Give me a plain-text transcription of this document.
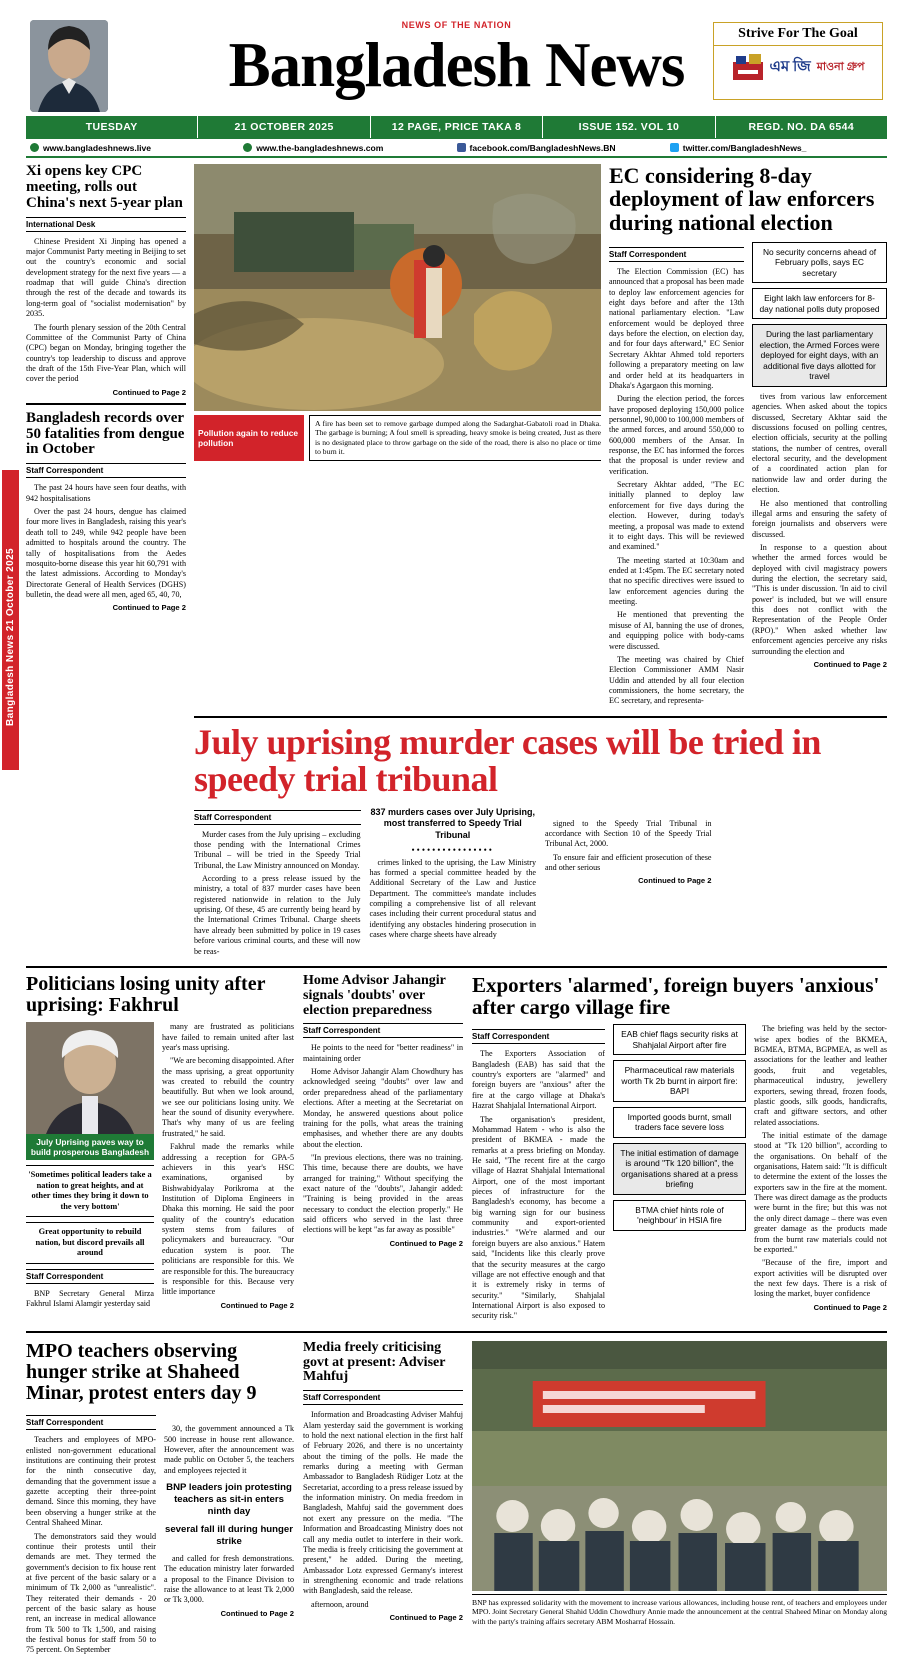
Bangladesh News 21 October 2025
NEWS OF THE NATION
Bangladesh News	Strive For The Goal
এম জি মাওনা গ্রুপ
TUESDAY	21 OCTOBER 2025	12 PAGE, PRICE TAKA 8	ISSUE 152. VOL 10	REGD. NO. DA 6544
www.bangladeshnews.live	www.the-bangladeshnews.com	facebook.com/BangladeshNews.BN	twitter.com/BangladeshNews_
Xi opens key CPC meeting, rolls out China's next 5-year plan
International Desk

Chinese President Xi Jinping has opened a major Communist Party meeting in Beijing to set out the country's economic and social development strategy for the next five years — a roadmap that will guide China's direction through the rest of the decade and towards its long-term goal of "socialist modernisation" by 2035.

The fourth plenary session of the 20th Central Committee of the Communist Party of China (CPC) began on Monday, bringing together the country's top leadership to discuss and approve the draft of the 15th Five-Year Plan, which will cover the period

Continued to Page 2
Bangladesh records over 50 fatalities from dengue in October
Staff Correspondent

The past 24 hours have seen four deaths, with 942 hospitalisations

Over the past 24 hours, dengue has claimed four more lives in Bangladesh, raising this year's death toll to 249, while 942 people have been admitted to hospitals around the country. The tally of hospitalisations from the Aedes mosquito-borne disease this year hit 60,791 with the latest admissions. According to Monday's Directorate General of Health Services (DGHS) bulletin, the dead were all men, aged 65, 40, 70,

Continued to Page 2
Pollution again to reduce pollution
A fire has been set to remove garbage dumped along the Sadarghat-Gabatoli road in Dhaka. The garbage is burning; A foul smell is spreading, heavy smoke is being created, Just as there is no designated place to throw garbage on the side of the road, there is also no place or time to burn it.
EC considering 8-day deployment of law enforcers during national election
Staff Correspondent

The Election Commission (EC) has announced that a proposal has been made to deploy law enforcement agencies for eight days before and after the 13th national parliamentary election. "Law enforcement would be deployed three days before the election, on election day, and for four days afterward," EC Senior Secretary Akhtar Ahmed told reporters following a preparatory meeting on law and order held at its headquarters in Dhaka's Agargaon this morning.

During the election period, the forces have proposed deploying 150,000 police personnel, 90,000 to 100,000 members of the armed forces, and around 550,000 to 600,000 members of the Ansar. In response, the EC has informed the forces that the proposal is under review and verification.

Secretary Akhtar added, "The EC initially planned to deploy law enforcement for five days during the election. However, during today's meeting, a proposal was made to extend it to eight days. This will be reviewed and examined."

The meeting started at 10:30am and ended at 1:45pm. The EC secretary noted that no specific directives were issued to law enforcement agencies during the meeting.

He mentioned that preventing the misuse of AI, banning the use of drones, and equipping police with body-cams were discussed.

The meeting was chaired by Chief Election Commissioner AMM Nasir Uddin and attended by all four election commissioners, the home secretary, the EC secretary, and representa-

No security concerns ahead of February polls, says EC secretary
Eight lakh law enforcers for 8-day national polls duty proposed
During the last parliamentary election, the Armed Forces were deployed for eight days, with an additional five days allotted for travel

tives from various law enforcement agencies. When asked about the topics discussed, Secretary Akhtar said the discussions focused on polling centres, election officials, security at the polling stations, the number of centres, overall electoral security, and the development of a coordinated action plan for nationwide law and order during the election.

He also mentioned that controlling illegal arms and ensuring the safety of foreign journalists and observers were discussed.

In response to a question about whether the armed forces would be deployed with civil magistracy powers during the election, the secretary said, "This is under discussion. 'In aid to civil power' is included, but we will ensure this does not conflict with the Representation of the People Order (RPO)." When asked whether law enforcement agencies perceive any risks surrounding the election and

Continued to Page 2
July uprising murder cases will be tried in speedy trial tribunal
Staff Correspondent

Murder cases from the July uprising – excluding those pending with the International Crimes Tribunal – will be tried in the Speedy Trial Tribunal, the Law Ministry announced on Monday.

According to a press release issued by the ministry, a total of 837 murder cases have been registered nationwide in relation to the July uprising. Of these, 45 are currently being heard by the International Crimes Tribunal. Charge sheets have already been submitted by police in 19 cases before various criminal courts, and these will now be reas-

837 murders cases over July Uprising, most transferred to Speedy Trial Tribunal
••••••••••••••••

crimes linked to the uprising, the Law Ministry has formed a special committee headed by the Additional Secretary of the Law and Justice Department. The committee's mandate includes compiling a comprehensive list of all relevant cases including their current procedural status and identifying any obstacles hindering prosecution in cases where charge sheets have already

signed to the Speedy Trial Tribunal in accordance with Section 10 of the Speedy Trial Tribunal Act, 2000.

To ensure fair and efficient prosecution of these and other serious

Continued to Page 2
Politicians losing unity after uprising: Fakhrul
July Uprising paves way to build prosperous Bangladesh
'Sometimes political leaders take a nation to great heights, and at other times they bring it down to the very bottom'
Great opportunity to rebuild nation, but discord prevails all around
Staff Correspondent

BNP Secretary General Mirza Fakhrul Islami Alamgir yesterday said

many are frustrated as politicians have failed to remain united after last year's mass uprising.

"We are becoming disappointed. After the mass uprising, a great opportunity was created to rebuild the country beautifully. But when we look around, we see our politicians losing unity. We hear the sound of disunity everywhere. That's why many of us are feeling frustrated," he said.

Fakhrul made the remarks while addressing a reception for GPA-5 achievers in this year's HSC examinations, organised by Bishwabidyalay Porikroma at the Institution of Diploma Engineers in Dhaka this morning. He said the poor quality of the country's education system stems from failures of policymakers and bureaucracy. "Our education system is poor. The politicians are responsible for this. We are responsible for this. The bureaucracy is responsible for this. Because very little importance

Continued to Page 2
Home Advisor Jahangir signals 'doubts' over election preparedness
Staff Correspondent

He points to the need for "better readiness" in maintaining order

Home Advisor Jahangir Alam Chowdhury has acknowledged seeing "doubts" over law and order preparedness ahead of the parliamentary elections. After a meeting at the Secretariat on Monday, he answered questions about police training for the polls, what areas the training emphasises, and whether there are any doubts about the election.

"In previous elections, there was no training. This time, because there are doubts, we have arranged for training," Without specifying the exact nature of the "doubts", Jahangir added: "Training is being provided in the areas necessary to conduct the election properly." He said officers who served in the last three elections will be kept "as far away as possible"

Continued to Page 2
Exporters 'alarmed', foreign buyers 'anxious' after cargo village fire
Staff Correspondent

The Exporters Association of Bangladesh (EAB) has said that the country's exporters are "alarmed" and foreign buyers are "anxious" after the fire at the cargo village at Dhaka's Hazrat Shahjalal International Airport.

The organisation's president, Mohammad Hatem - who is also the president of BKMEA - made the remarks at a press briefing on Monday. He said, "The recent fire at the cargo village of Hazrat Shahjalal International Airport, one of the most important pieces of infrastructure for the Bangladesh's economy, has become a big warning sign for our business community and export-oriented industries." "We're alarmed and our foreign buyers are also anxious." Hatem said, "Incidents like this clearly prove that the security measures at the cargo village are not effective enough and that it is extremely risky in terms of security." "Similarly, Shahjalal International Airport is also exposed to security risk."

EAB chief flags security risks at Shahjalal Airport after fire
Pharmaceutical raw materials worth Tk 2b burnt in airport fire: BAPI
Imported goods burnt, small traders face severe loss
The initial estimation of damage is around "Tk 120 billion", the organisations shared at a press briefing
BTMA chief hints role of 'neighbour' in HSIA fire

The briefing was held by the sector-wise apex bodies of the BKMEA, BGMEA, BTMA, BGPMEA, as well as associations for the leather and leather goods, fruit and vegetables, pharmaceutical industry, jewellery exporters, sewing thread, frozen foods, plastic goods, silk goods, handicrafts, craft and giftware sectors, and other related associations.

The initial estimate of the damage stood at "Tk 120 billion", according to the organisations. On behalf of the organisations, Hatem said: "It is difficult to determine the extent of the losses the exporters saw in the fire at the moment. There was direct damage as the products were burnt in the fire; but this was not the only direct damage – there was even greater damage as the products made from the burnt raw materials could not be exported."

"Because of the fire, import and export activities will be disrupted over the next few days. There is a risk of losing the market, buyer confidence

Continued to Page 2
MPO teachers observing hunger strike at Shaheed Minar, protest enters day 9
Staff Correspondent

Teachers and employees of MPO-enlisted non-government educational institutions are continuing their protest for the ninth consecutive day, demanding that the government issue a gazette accepting their three-point demand. Since this morning, they have been observing a hunger strike at the Central Shaheed Minar.

The demonstrators said they would continue their protests until their demands are met. They termed the government's decision to fix house rent at five percent of the basic salary or a minimum of Tk 2,000 as "unrealistic". They reiterated their demands - 20 percent of the basic salary as house rent, an increase in medical allowance from Tk 500 to Tk 1,500, and raising the festival bonus for staff from 50 to 75 percent. On September

30, the government announced a Tk 500 increase in house rent allowance. However, after the announcement was made public on October 5, the teachers and employees rejected it

BNP leaders join protesting teachers as sit-in enters ninth day
several fall ill during hunger strike

and called for fresh demonstrations. The education ministry later forwarded a proposal to the Finance Division to raise the allowance to at least Tk 2,000 or Tk 3,000.

Continued to Page 2
Media freely criticising govt at present: Adviser Mahfuj
Staff Correspondent

Information and Broadcasting Adviser Mahfuj Alam yesterday said the government is working to hold the next national election in the first half of February 2026, and there is no uncertainty about the timing of the polls. He made the remarks during a meeting with German Ambassador to Bangladesh Rüdiger Lotz at the Secretariat, according to a press release issued by the information ministry. On media freedom in Bangladesh, Mahfuj said the government does not exert any pressure on the media. "The Information and Broadcasting Ministry does not call any media outlet to interfere in their work. The media is freely criticising the government at present," he added. During the meeting, Ambassador Lotz expressed Germany's interest in strengthening economic and trade relations with Bangladesh, said the release.

afternoon, around

Continued to Page 2
BNP has expressed solidarity with the movement to increase various allowances, including house rent, of teachers and employees under MPO. Joint Secretary General Shahid Uddin Chowdhury Annie made the announcement at the central Shaheed Minar on Monday along with the party's training affairs secretary ABM Mosharraf Hossain.
